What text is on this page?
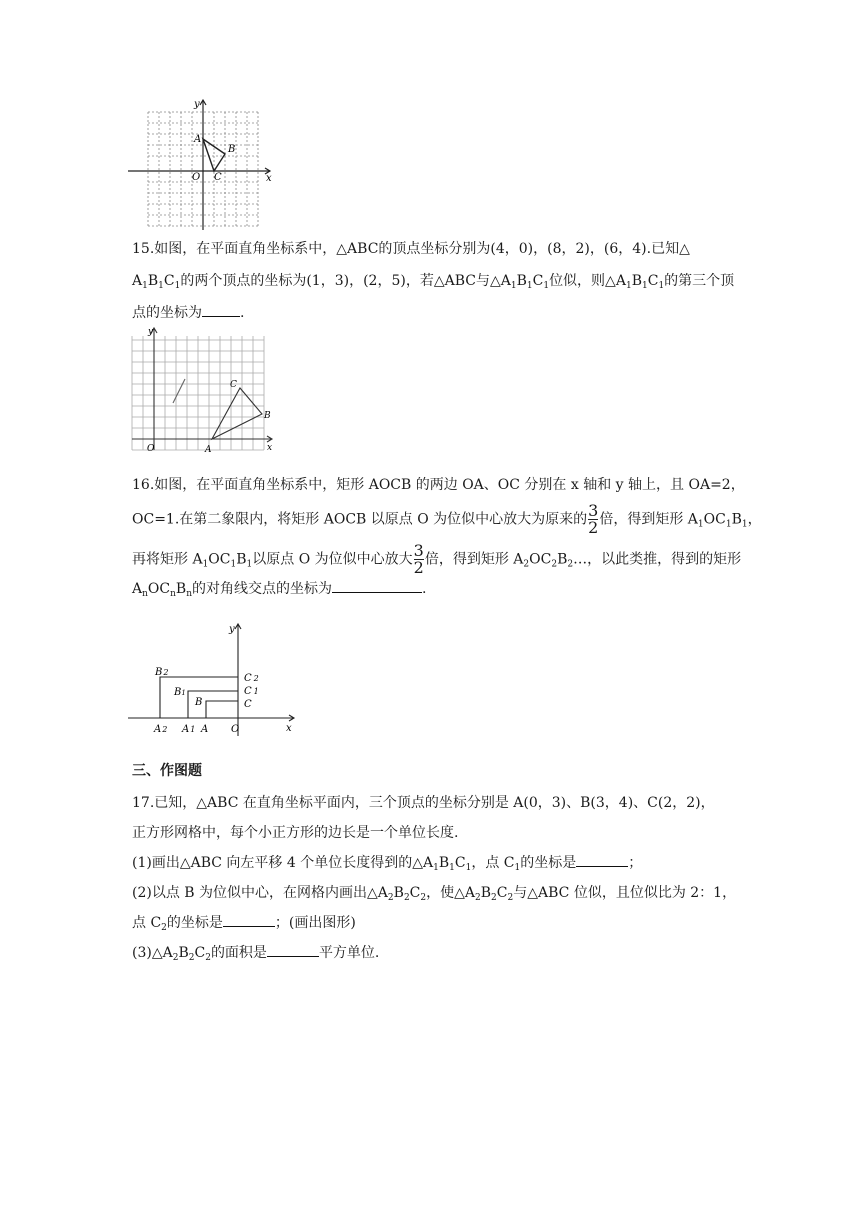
y
x
O
A
B
C
15.如图，在平面直角坐标系中，△ABC的顶点坐标分别为(4，0)，(8，2)，(6，4).已知△
$A_1B_1C_1$的两个顶点的坐标为(1，3)，(2，5)，若△ABC与$\triangle A_1B_1C_1$位似，则$\triangle A_1B_1C_1$的第三个顶
点的坐标为	.
y
x
O	A
B
C
16.如图，在平面直角坐标系中，矩形 AOCB 的两边 OA、OC 分别在 x 轴和 y 轴上，且 OA=2，
OC=1.在第二象限内，将矩形 AOCB 以原点 O 为位似中心放大为原来的 $\frac{3}{2}$ 倍，得到矩形 $A_1OC_1B_1$，
再将矩形 $A_1OC_1B_1$以原点 O 为位似中心放大 $\frac{3}{2}$ 倍，得到矩形 $A_2OC_2B_2\dots$，以此类推，得到的矩形
$A_nOC_nB_n$的对角线交点的坐标为	.
y
x
O
B2
B1
B
C 2
C 1
C
A2 A1 A
三、作图题
17.已知，△ABC 在直角坐标平面内，三个顶点的坐标分别是 A(0，3)、B(3，4)、C(2，2)，
正方形网格中，每个小正方形的边长是一个单位长度.
(1)画出△ABC 向左平移 4 个单位长度得到的$\triangle A_1B_1C_1$，点 $C_1$的坐标是	；
(2)以点 B 为位似中心，在网格内画出$\triangle A_2B_2C_2$，使$\triangle A_2B_2C_2$与△ABC 位似，且位似比为 2：1，
点 $C_2$的坐标是	；(画出图形)
$(3)\triangle A_2B_2C_2$的面积是	平方单位.
